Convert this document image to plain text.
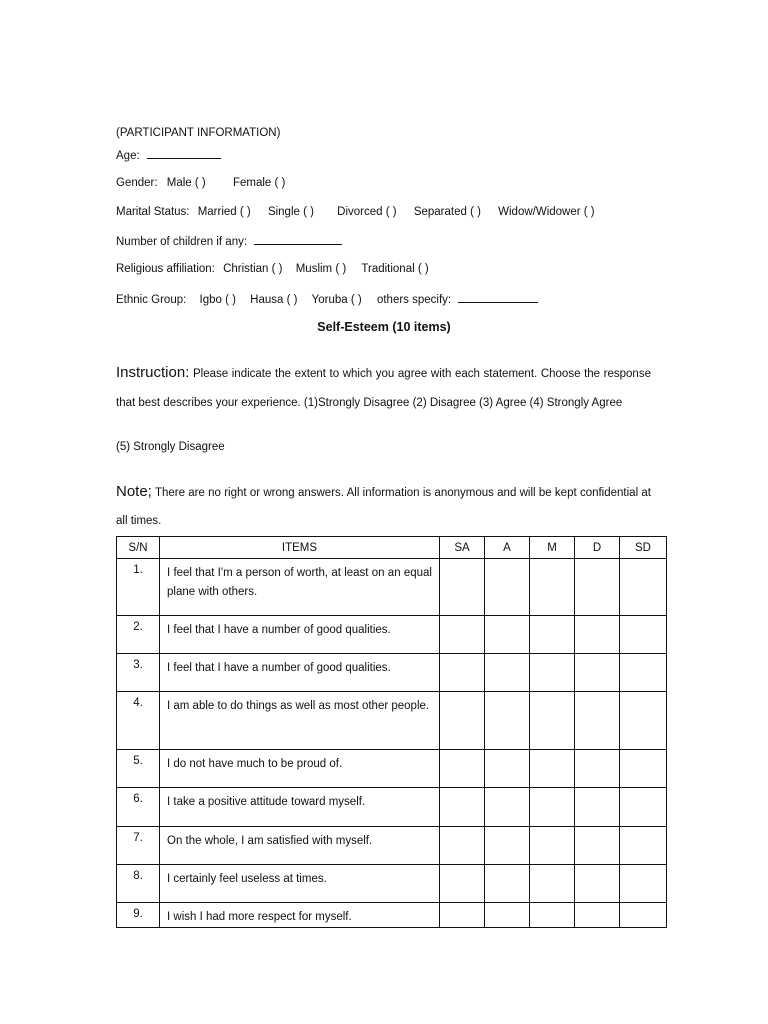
(PARTICIPANT INFORMATION)
Age:
Gender: Male ( ) Female ( )
Marital Status: Married ( ) Single ( ) Divorced ( ) Separated ( ) Widow/Widower ( )
Number of children if any:
Religious affiliation: Christian ( ) Muslim ( ) Traditional ( )
Ethnic Group: Igbo ( ) Hausa ( ) Yoruba ( ) others specify:
Self-Esteem (10 items)
Instruction: Please indicate the extent to which you agree with each statement. Choose the response that best describes your experience. (1)Strongly Disagree (2) Disagree (3) Agree (4) Strongly Agree
(5) Strongly Disagree
Note; There are no right or wrong answers. All information is anonymous and will be kept confidential at all times.
S/N	ITEMS	SA	A	M	D	SD
1.	I feel that I'm a person of worth, at least on an equal plane with others.					
2.	I feel that I have a number of good qualities.					
3.	I feel that I have a number of good qualities.					
4.	I am able to do things as well as most other people.					
5.	I do not have much to be proud of.					
6.	I take a positive attitude toward myself.					
7.	On the whole, I am satisfied with myself.					
8.	I certainly feel useless at times.					
9.	I wish I had more respect for myself.					
